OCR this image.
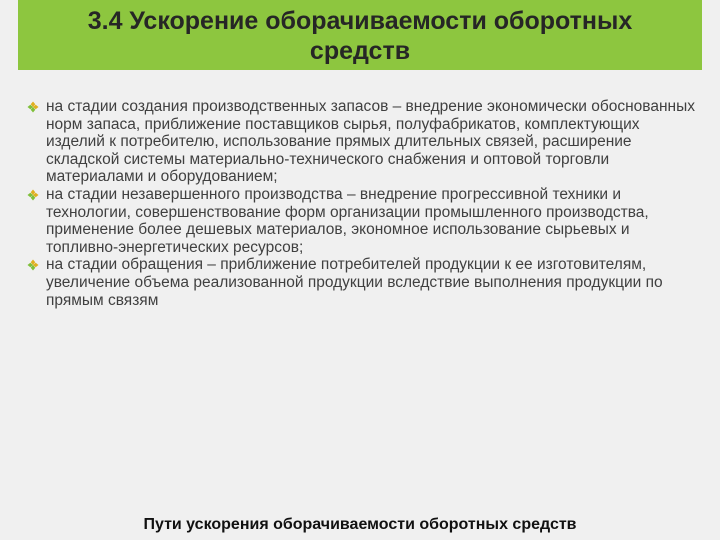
3.4 Ускорение оборачиваемости оборотных средств
на стадии создания производственных запасов – внедрение экономически обоснованных норм запаса, приближение поставщиков сырья, полуфабрикатов, комплектующих изделий к потребителю, использование прямых длительных связей, расширение складской системы материально-технического снабжения и оптовой торговли материалами и оборудованием;
на стадии незавершенного производства – внедрение прогрессивной техники и технологии, совершенствование форм организации промышленного производства, применение более дешевых материалов, экономное использование сырьевых и топливно-энергетических ресурсов;
на стадии обращения – приближение потребителей продукции к ее изготовителям, увеличение объема реализованной продукции вследствие выполнения продукции по прямым связям
Пути ускорения оборачиваемости оборотных средств
